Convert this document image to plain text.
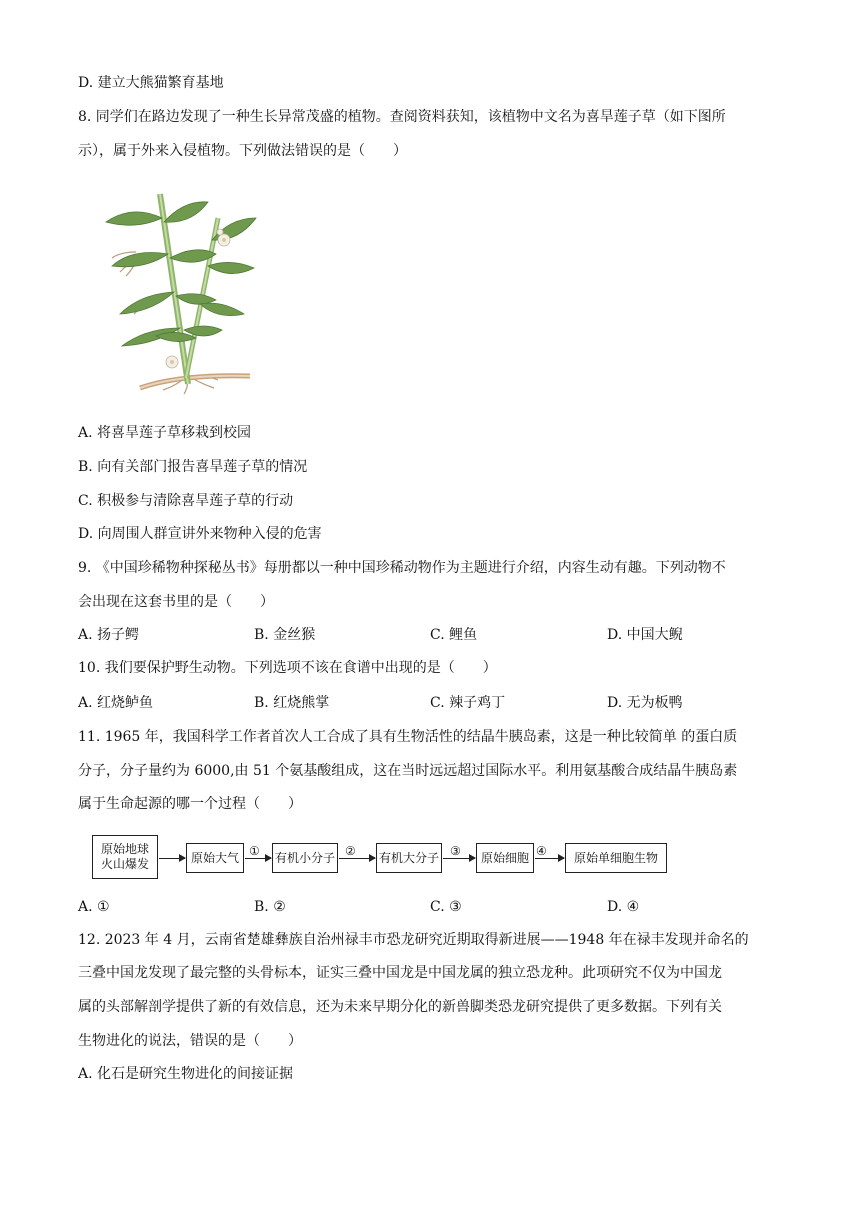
D. 建立大熊猫繁育基地
8. 同学们在路边发现了一种生长异常茂盛的植物。查阅资料获知，该植物中文名为喜旱莲子草（如下图所
示），属于外来入侵植物。下列做法错误的是（　　）
A. 将喜旱莲子草移栽到校园
B. 向有关部门报告喜旱莲子草的情况
C. 积极参与清除喜旱莲子草的行动
D. 向周围人群宣讲外来物种入侵的危害
9. 《中国珍稀物种探秘丛书》每册都以一种中国珍稀动物作为主题进行介绍，内容生动有趣。下列动物不
会出现在这套书里的是（　　）
A. 扬子鳄	B. 金丝猴	C. 鲤鱼	D. 中国大鲵
10. 我们要保护野生动物。下列选项不该在食谱中出现的是（　　）
A. 红烧鲈鱼	B. 红烧熊掌	C. 辣子鸡丁	D. 无为板鸭
11. 1965 年，我国科学工作者首次人工合成了具有生物活性的结晶牛胰岛素，这是一种比较简单 的蛋白质
分子，分子量约为 6000,由 51 个氨基酸组成，这在当时远远超过国际水平。利用氨基酸合成结晶牛胰岛素
属于生命起源的哪一个过程（　　）
原始地球
火山爆发	原始大气 ① 有机小分子 ② 有机大分子 ③	原始细胞 ④	原始单细胞生物
A. ①	B. ②	C. ③	D. ④
12. 2023 年 4 月，云南省楚雄彝族自治州禄丰市恐龙研究近期取得新进展——1948 年在禄丰发现并命名的
三叠中国龙发现了最完整的头骨标本，证实三叠中国龙是中国龙属的独立恐龙种。此项研究不仅为中国龙
属的头部解剖学提供了新的有效信息，还为未来早期分化的新兽脚类恐龙研究提供了更多数据。下列有关
生物进化的说法，错误的是（　　）
A. 化石是研究生物进化的间接证据
